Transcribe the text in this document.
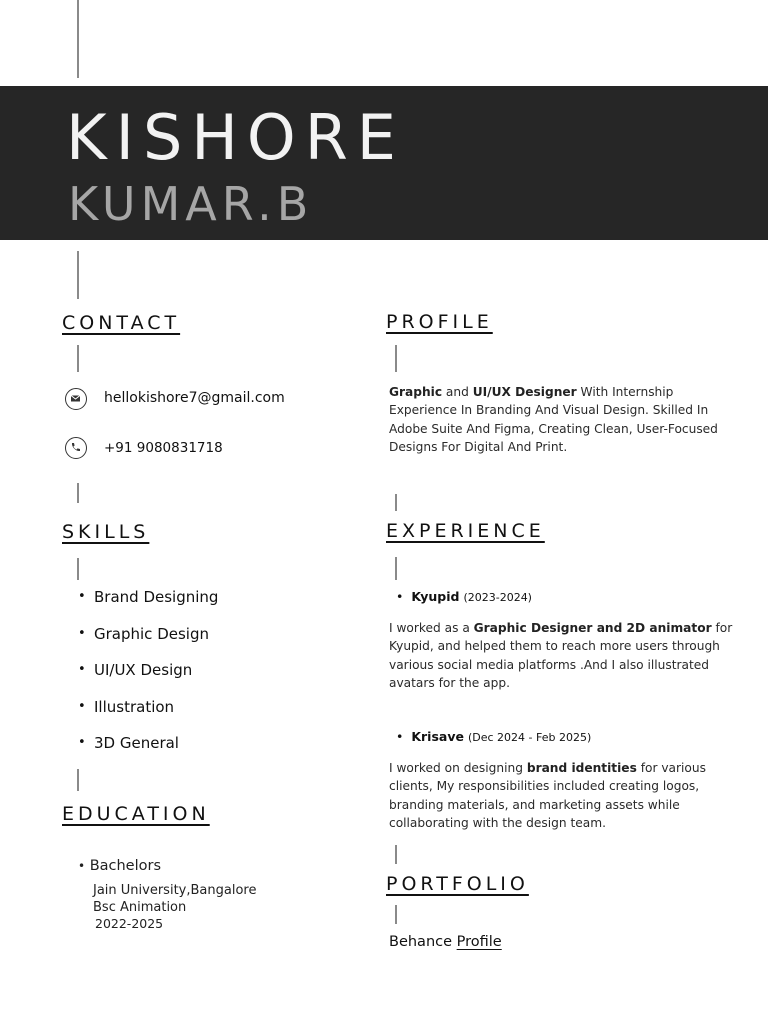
KISHORE
KUMAR.B
CONTACT
hellokishore7@gmail.com
+91 9080831718
SKILLS
• Brand Designing
• Graphic Design
• UI/UX Design
• Illustration
• 3D General
EDUCATION
• Bachelors
Jain University,Bangalore
Bsc Animation
2022-2025
PROFILE

Graphic and UI/UX Designer With Internship Experience In Branding And Visual Design. Skilled In Adobe Suite And Figma, Creating Clean, User-Focused Designs For Digital And Print.

EXPERIENCE
• Kyupid (2023-2024)

I worked as a Graphic Designer and 2D animator for Kyupid, and helped them to reach more users through various social media platforms .And I also illustrated avatars for the app.

• Krisave (Dec 2024 - Feb 2025)

I worked on designing brand identities for various clients, My responsibilities included creating logos, branding materials, and marketing assets while collaborating with the design team.

PORTFOLIO
Behance Profile
